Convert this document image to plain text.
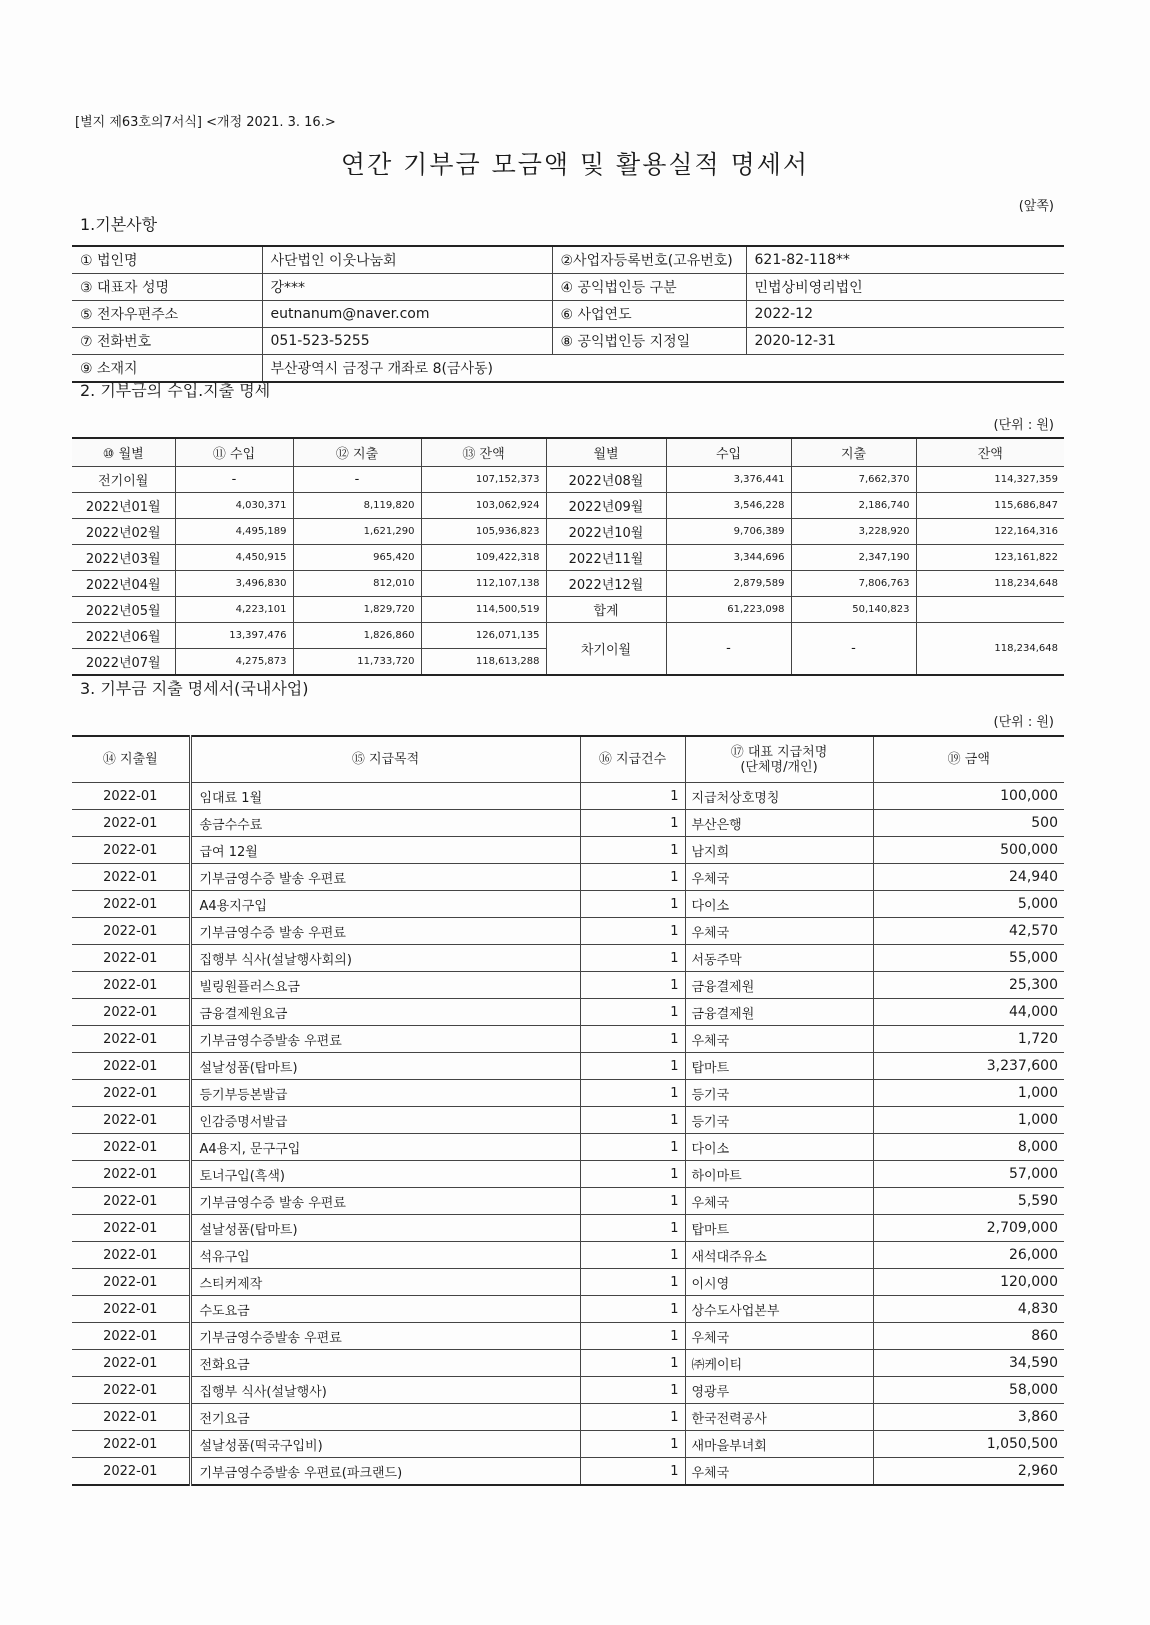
[별지 제63호의7서식] <개정 2021. 3. 16.>
연간 기부금 모금액 및 활용실적 명세서
(앞쪽)
1.기본사항
① 법인명	사단법인 이웃나눔회	②사업자등록번호(고유번호)	621-82-118**
③ 대표자 성명	강***	④ 공익법인등 구분	민법상비영리법인
⑤ 전자우편주소	eutnanum@naver.com	⑥ 사업연도	2022-12
⑦ 전화번호	051-523-5255	⑧ 공익법인등 지정일	2020-12-31
⑨ 소재지	부산광역시 금정구 개좌로 8(금사동)		
2. 기부금의 수입.지출 명세
(단위 : 원)
⑩ 월별	⑪ 수입	⑫ 지출	⑬ 잔액	월별	수입	지출	잔액
전기이월	-	-	107,152,373	2022년08월	3,376,441	7,662,370	114,327,359
2022년01월	4,030,371	8,119,820	103,062,924	2022년09월	3,546,228	2,186,740	115,686,847
2022년02월	4,495,189	1,621,290	105,936,823	2022년10월	9,706,389	3,228,920	122,164,316
2022년03월	4,450,915	965,420	109,422,318	2022년11월	3,344,696	2,347,190	123,161,822
2022년04월	3,496,830	812,010	112,107,138	2022년12월	2,879,589	7,806,763	118,234,648
2022년05월	4,223,101	1,829,720	114,500,519	합계	61,223,098	50,140,823	
2022년06월	13,397,476	1,826,860	126,071,135	차기이월	-	-	118,234,648
2022년07월	4,275,873	11,733,720	118,613,288				
3. 기부금 지출 명세서(국내사업)
(단위 : 원)
⑭ 지출월	⑮ 지급목적	⑯ 지급건수	⑰ 대표 지급처명
(단체명/개인)	⑲ 금액
2022-01	임대료 1월	1	지급처상호명칭	100,000
2022-01	송금수수료	1	부산은행	500
2022-01	급여 12월	1	남지희	500,000
2022-01	기부금영수증 발송 우편료	1	우체국	24,940
2022-01	A4용지구입	1	다이소	5,000
2022-01	기부금영수증 발송 우편료	1	우체국	42,570
2022-01	집행부 식사(설날행사회의)	1	서동주막	55,000
2022-01	빌링원플러스요금	1	금융결제원	25,300
2022-01	금융결제원요금	1	금융결제원	44,000
2022-01	기부금영수증발송 우편료	1	우체국	1,720
2022-01	설날성품(탑마트)	1	탑마트	3,237,600
2022-01	등기부등본발급	1	등기국	1,000
2022-01	인감증명서발급	1	등기국	1,000
2022-01	A4용지, 문구구입	1	다이소	8,000
2022-01	토너구입(흑색)	1	하이마트	57,000
2022-01	기부금영수증 발송 우편료	1	우체국	5,590
2022-01	설날성품(탑마트)	1	탑마트	2,709,000
2022-01	석유구입	1	새석대주유소	26,000
2022-01	스티커제작	1	이시영	120,000
2022-01	수도요금	1	상수도사업본부	4,830
2022-01	기부금영수증발송 우편료	1	우체국	860
2022-01	전화요금	1	㈜케이티	34,590
2022-01	집행부 식사(설날행사)	1	영광루	58,000
2022-01	전기요금	1	한국전력공사	3,860
2022-01	설날성품(떡국구입비)	1	새마을부녀회	1,050,500
2022-01	기부금영수증발송 우편료(파크랜드)	1	우체국	2,960
